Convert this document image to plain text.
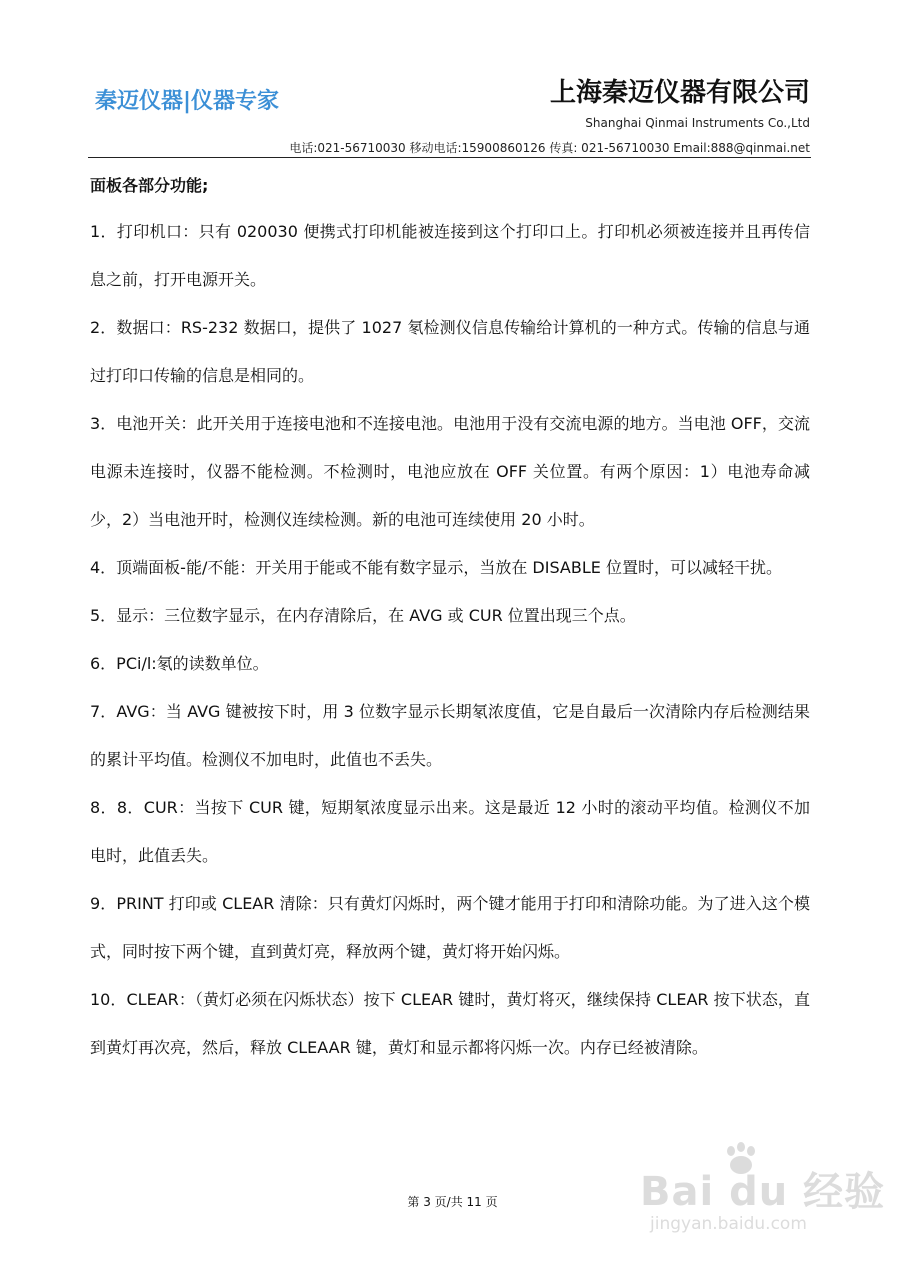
秦迈仪器|仪器专家	上海秦迈仪器有限公司
Shanghai Qinmai Instruments Co.,Ltd
电话:021-56710030 移动电话:15900860126 传真: 021-56710030 Email:888@qinmai.net

面板各部分功能;

1．打印机口：只有 020030 便携式打印机能被连接到这个打印口上。打印机必须被连接并且再传信息之前，打开电源开关。

2．数据口：RS-232 数据口，提供了 1027 氡检测仪信息传输给计算机的一种方式。传输的信息与通过打印口传输的信息是相同的。

3．电池开关：此开关用于连接电池和不连接电池。电池用于没有交流电源的地方。当电池 OFF，交流电源未连接时，仪器不能检测。不检测时，电池应放在 OFF 关位置。有两个原因：1）电池寿命减少，2）当电池开时，检测仪连续检测。新的电池可连续使用 20 小时。

4．顶端面板-能/不能：开关用于能或不能有数字显示，当放在 DISABLE 位置时，可以减轻干扰。

5．显示：三位数字显示，在内存清除后，在 AVG 或 CUR 位置出现三个点。

6．PCi/l:氡的读数单位。

7．AVG：当 AVG 键被按下时，用 3 位数字显示长期氡浓度值，它是自最后一次清除内存后检测结果的累计平均值。检测仪不加电时，此值也不丢失。

8．8．CUR：当按下 CUR 键，短期氡浓度显示出来。这是最近 12 小时的滚动平均值。检测仪不加电时，此值丢失。

9．PRINT 打印或 CLEAR 清除：只有黄灯闪烁时，两个键才能用于打印和清除功能。为了进入这个模式，同时按下两个键，直到黄灯亮，释放两个键，黄灯将开始闪烁。

10．CLEAR：（黄灯必须在闪烁状态）按下 CLEAR 键时，黄灯将灭，继续保持 CLEAR 按下状态，直到黄灯再次亮，然后，释放 CLEAAR 键，黄灯和显示都将闪烁一次。内存已经被清除。

第 3 页/共 11 页	Bai du 经验
jingyan.baidu.com
